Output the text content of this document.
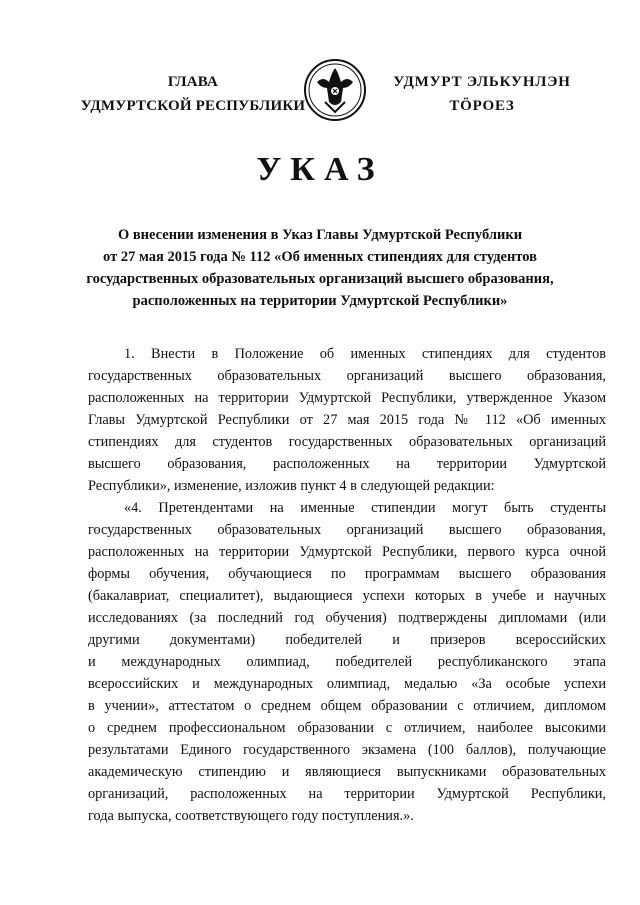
ГЛАВА
УДМУРТСКОЙ РЕСПУБЛИКИ
УДМУРТ ЭЛЬКУНЛЭН
ТӦРОЕЗ
УКАЗ
О внесении изменения в Указ Главы Удмуртской Республики
от 27 мая 2015 года № 112 «Об именных стипендиях для студентов
государственных образовательных организаций высшего образования,
расположенных на территории Удмуртской Республики»
1. Внести в Положение об именных стипендиях для студентов
государственных образовательных организаций высшего образования,
расположенных на территории Удмуртской Республики, утвержденное Указом
Главы Удмуртской Республики от 27 мая 2015 года № 112 «Об именных
стипендиях для студентов государственных образовательных организаций
высшего образования, расположенных на территории Удмуртской
Республики», изменение, изложив пункт 4 в следующей редакции:
«4. Претендентами на именные стипендии могут быть студенты
государственных образовательных организаций высшего образования,
расположенных на территории Удмуртской Республики, первого курса очной
формы обучения, обучающиеся по программам высшего образования
(бакалавриат, специалитет), выдающиеся успехи которых в учебе и научных
исследованиях (за последний год обучения) подтверждены дипломами (или
другими документами) победителей и призеров всероссийских
и международных олимпиад, победителей республиканского этапа
всероссийских и международных олимпиад, медалью «За особые успехи
в учении», аттестатом о среднем общем образовании с отличием, дипломом
о среднем профессиональном образовании с отличием, наиболее высокими
результатами Единого государственного экзамена (100 баллов), получающие
академическую стипендию и являющиеся выпускниками образовательных
организаций, расположенных на территории Удмуртской Республики,
года выпуска, соответствующего году поступления.».
